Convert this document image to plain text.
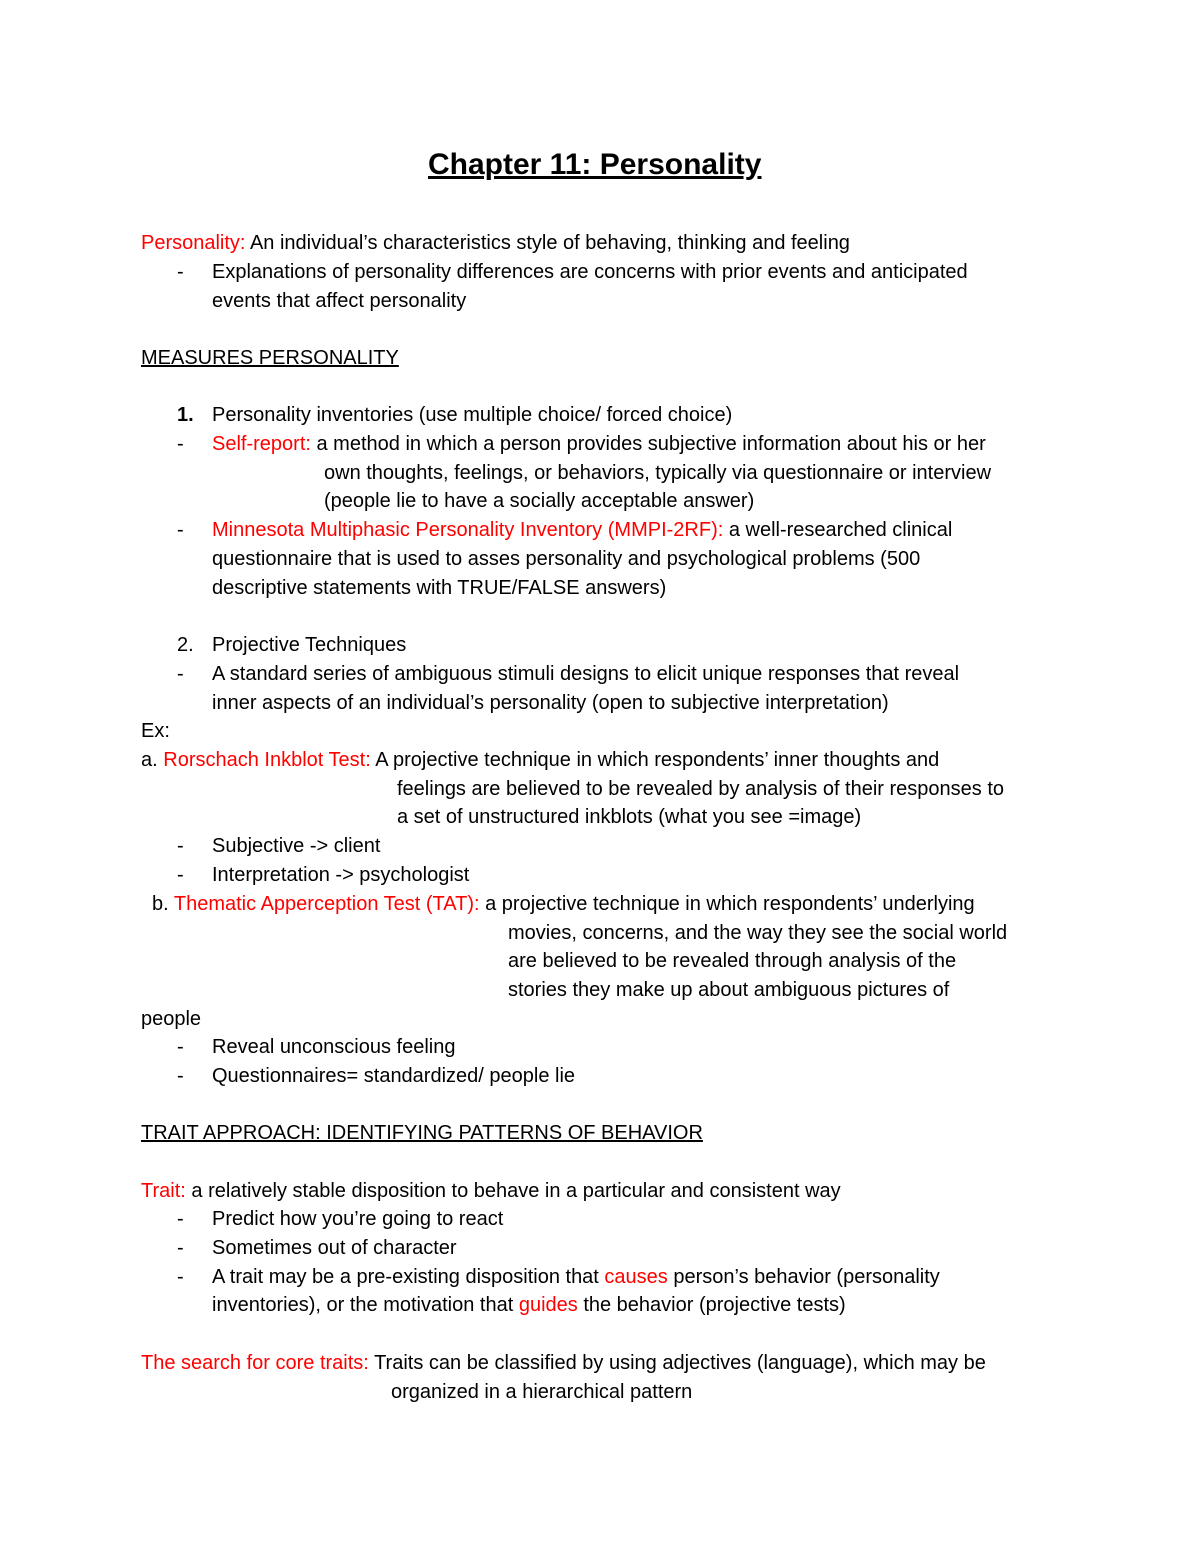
Chapter 11: Personality
Personality: An individual’s characteristics style of behaving, thinking and feeling
- Explanations of personality differences are concerns with prior events and anticipated
events that affect personality
MEASURES PERSONALITY
1. Personality inventories (use multiple choice/ forced choice)
- Self-report: a method in which a person provides subjective information about his or her
own thoughts, feelings, or behaviors, typically via questionnaire or interview
(people lie to have a socially acceptable answer)
- Minnesota Multiphasic Personality Inventory (MMPI-2RF): a well-researched clinical
questionnaire that is used to asses personality and psychological problems (500
descriptive statements with TRUE/FALSE answers)
2. Projective Techniques
- A standard series of ambiguous stimuli designs to elicit unique responses that reveal
inner aspects of an individual’s personality (open to subjective interpretation)
Ex:
a. Rorschach Inkblot Test: A projective technique in which respondents’ inner thoughts and
feelings are believed to be revealed by analysis of their responses to
a set of unstructured inkblots (what you see =image)
- Subjective -> client
- Interpretation -> psychologist
b. Thematic Apperception Test (TAT): a projective technique in which respondents’ underlying
movies, concerns, and the way they see the social world
are believed to be revealed through analysis of the
stories they make up about ambiguous pictures of
people
- Reveal unconscious feeling
- Questionnaires= standardized/ people lie
TRAIT APPROACH: IDENTIFYING PATTERNS OF BEHAVIOR
Trait: a relatively stable disposition to behave in a particular and consistent way
- Predict how you’re going to react
- Sometimes out of character
- A trait may be a pre-existing disposition that causes person’s behavior (personality
inventories), or the motivation that guides the behavior (projective tests)
The search for core traits: Traits can be classified by using adjectives (language), which may be
organized in a hierarchical pattern
